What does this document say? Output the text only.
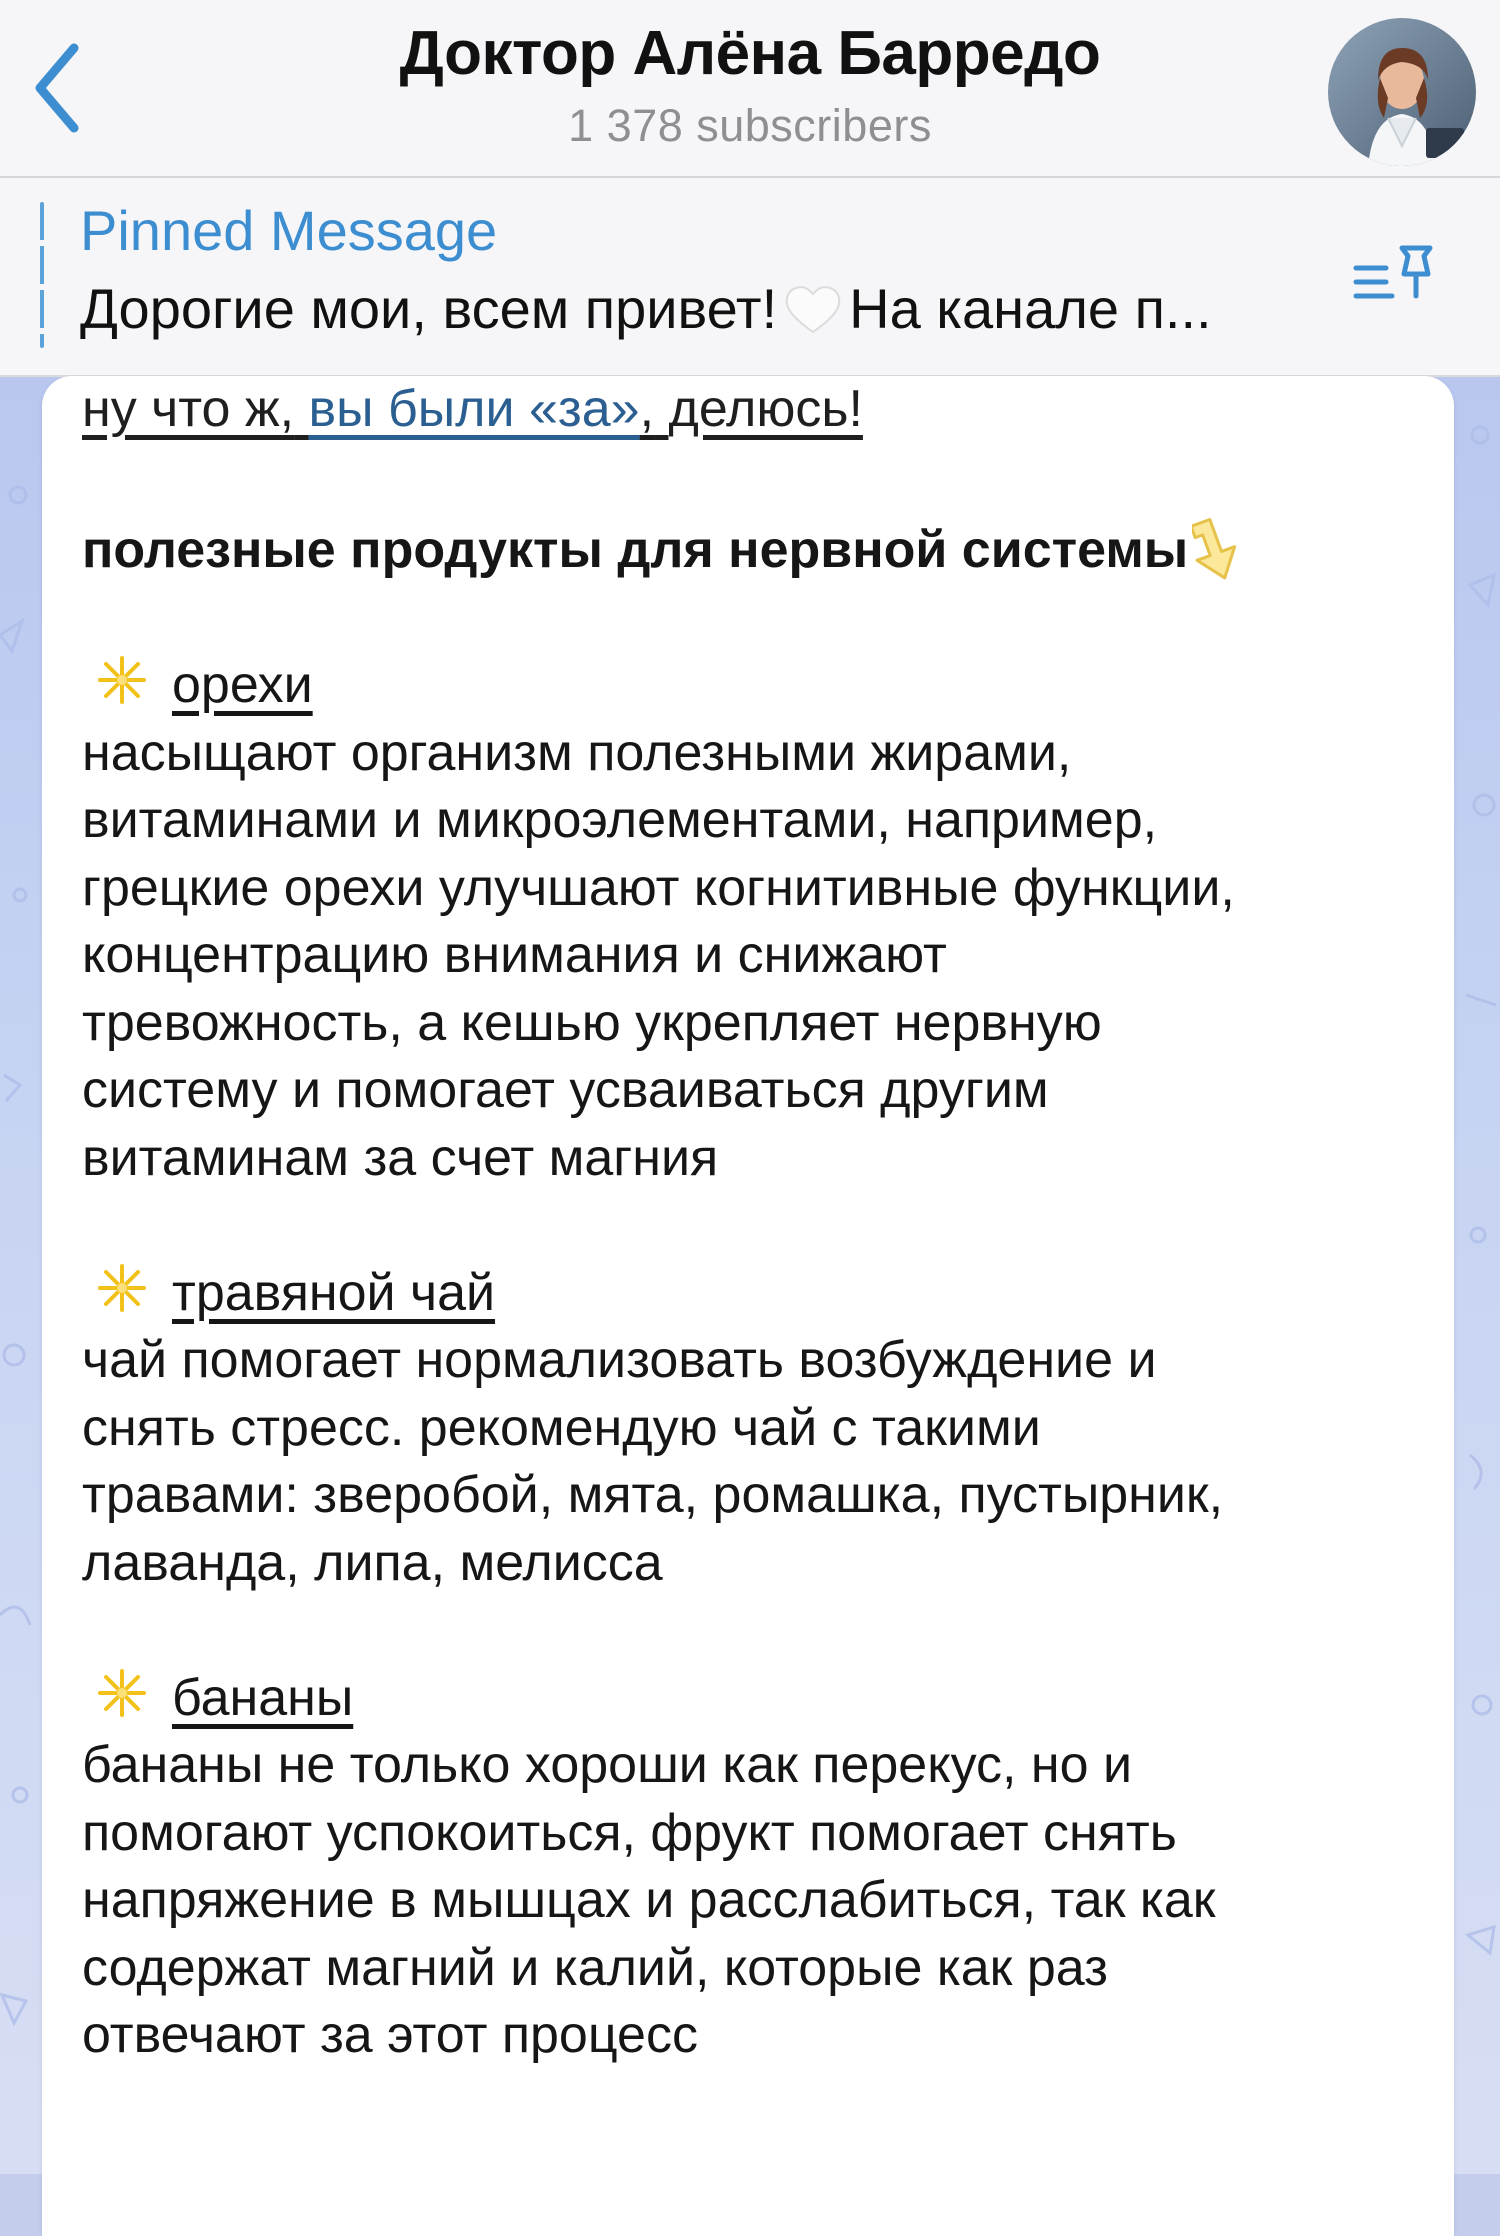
Доктор Алёна Барредо
1 378 subscribers
Pinned Message
Дорогие мои, всем привет! На канале п...

ну что ж, вы были «за», делюсь!

полезные продукты для нервной системы

орехи

насыщают организм полезными жирами,

витаминами и микроэлементами, например,

грецкие орехи улучшают когнитивные функции,

концентрацию внимания и снижают

тревожность, а кешью укрепляет нервную

систему и помогает усваиваться другим

витаминам за счет магния

травяной чай

чай помогает нормализовать возбуждение и

снять стресс. рекомендую чай с такими

травами: зверобой, мята, ромашка, пустырник,

лаванда, липа, мелисса

бананы

бананы не только хороши как перекус, но и

помогают успокоиться, фрукт помогает снять

напряжение в мышцах и расслабиться, так как

содержат магний и калий, которые как раз

отвечают за этот процесс
